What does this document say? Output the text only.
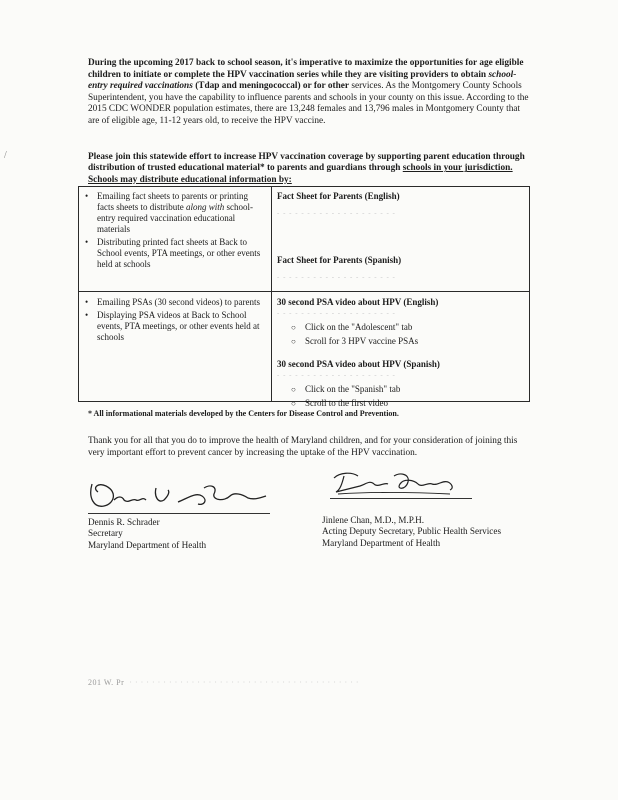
/
During the upcoming 2017 back to school season, it's imperative to maximize the opportunities for age eligible children to initiate or complete the HPV vaccination series while they are visiting providers to obtain school-entry required vaccinations (Tdap and meningococcal) or for other services. As the Montgomery County Schools Superintendent, you have the capability to influence parents and schools in your county on this issue. According to the 2015 CDC WONDER population estimates, there are 13,248 females and 13,796 males in Montgomery County that are of eligible age, 11-12 years old, to receive the HPV vaccine.
Please join this statewide effort to increase HPV vaccination coverage by supporting parent education through distribution of trusted educational material* to parents and guardians through schools in your jurisdiction. Schools may distribute educational information by:
• Emailing fact sheets to parents or printing facts sheets to distribute along with school-entry required vaccination educational materials
• Distributing printed fact sheets at Back to School events, PTA meetings, or other events held at schools
Fact Sheet for Parents (English)
- - - - - - - - - - - - - - - - - - - -
Fact Sheet for Parents (Spanish)
- - - - - - - - - - - - - - - - - - - -
• Emailing PSAs (30 second videos) to parents
• Displaying PSA videos at Back to School events, PTA meetings, or other events held at schools
30 second PSA video about HPV (English)
- - - - - - - - - - - - - - - - - - - -
○ Click on the "Adolescent" tab
○ Scroll for 3 HPV vaccine PSAs
30 second PSA video about HPV (Spanish)
- - - - - - - - - - - - - - - - - - - -
○ Click on the "Spanish" tab
○ Scroll to the first video
* All informational materials developed by the Centers for Disease Control and Prevention.
Thank you for all that you do to improve the health of Maryland children, and for your consideration of joining this very important effort to prevent cancer by increasing the uptake of the HPV vaccination.
Dennis R. Schrader
Secretary
Maryland Department of Health
Jinlene Chan, M.D., M.P.H.
Acting Deputy Secretary, Public Health Services
Maryland Department of Health
201 W. Pr  · · · · · · · · · · · · · · · · · · · · · · · · · · · · · · · · · · · · · · · · ·
